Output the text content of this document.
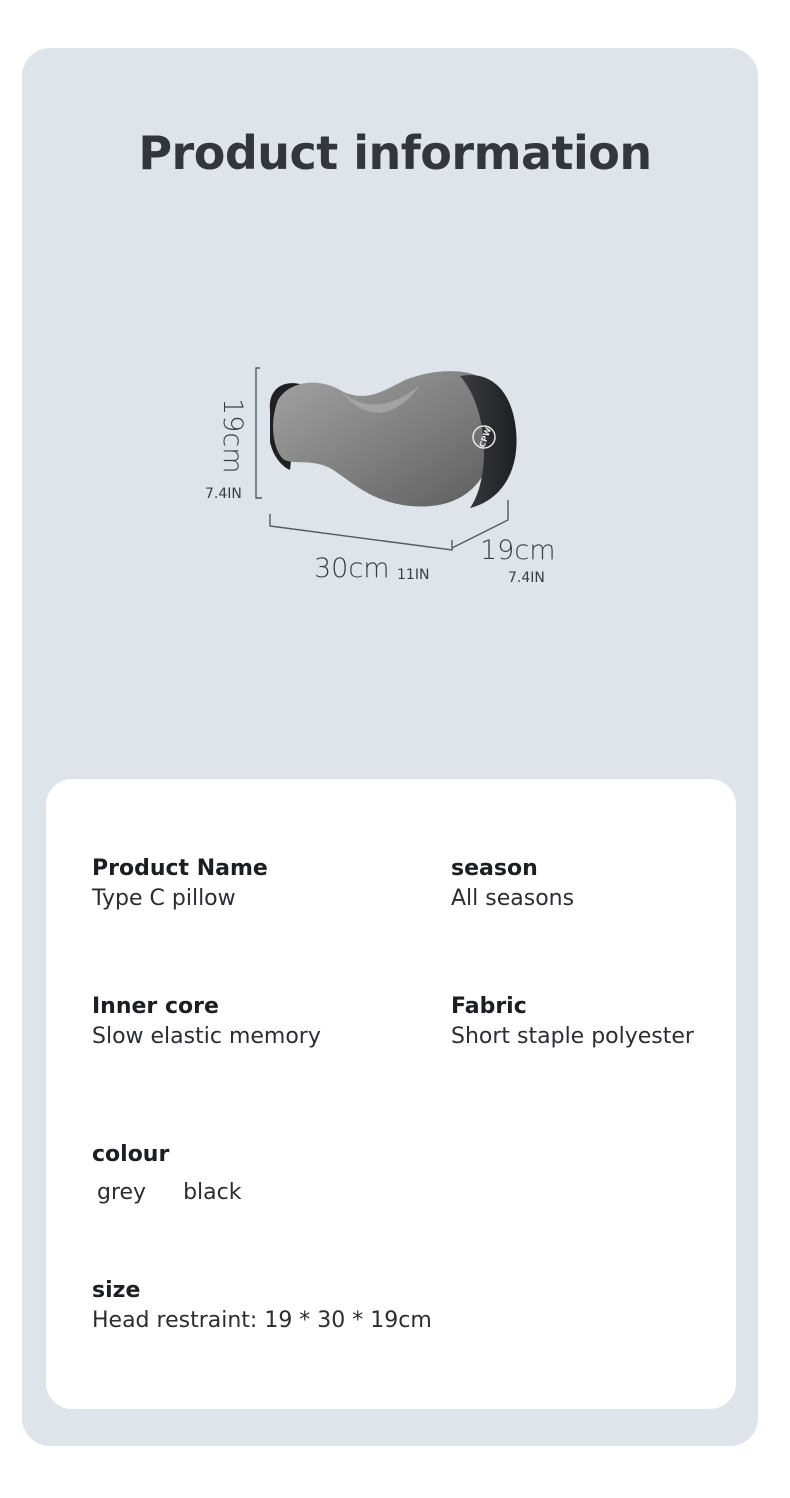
Product information
CPW
19cm
7.4IN
30cm 11IN
19cm
7.4IN
Product Name
Type C pillow
season
All seasons
Inner core
Slow elastic memory
Fabric
Short staple polyester
colour
grey black
size
Head restraint: 19 * 30 * 19cm
